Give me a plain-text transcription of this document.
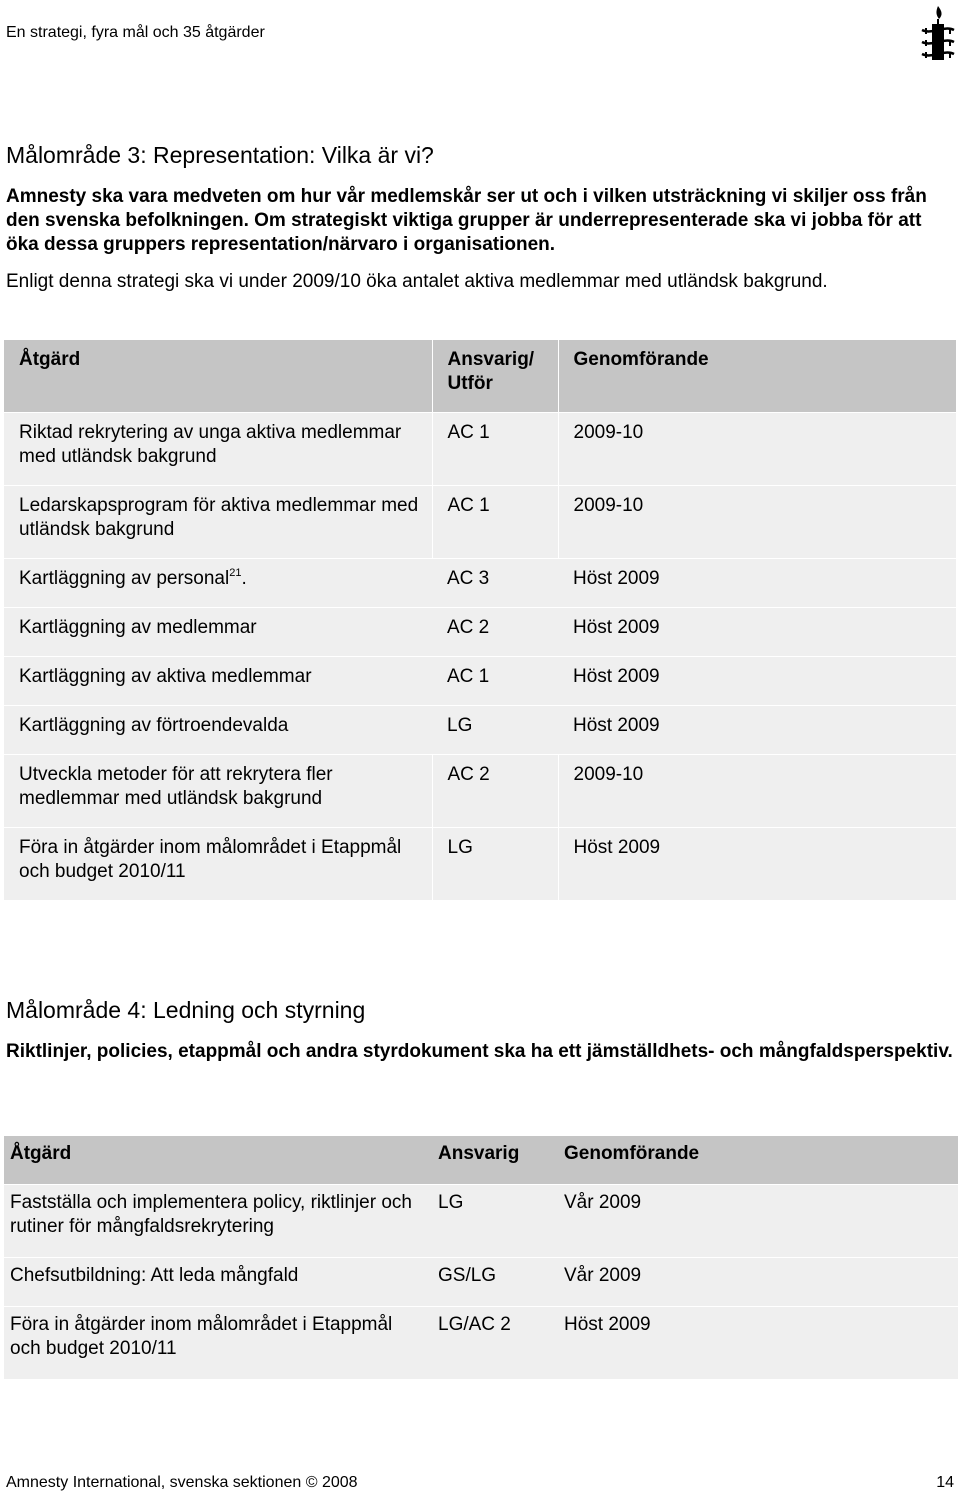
En strategi, fyra mål och 35 åtgärder
Målområde 3: Representation: Vilka är vi?
Amnesty ska vara medveten om hur vår medlemskår ser ut och i vilken utsträckning vi skiljer oss från den svenska befolkningen. Om strategiskt viktiga grupper är underrepresenterade ska vi jobba för att öka dessa gruppers representation/närvaro i organisationen.
Enligt denna strategi ska vi under 2009/10 öka antalet aktiva medlemmar med utländsk bakgrund.
Åtgärd	Ansvarig/ Utför	Genomförande
Riktad rekrytering av unga aktiva medlemmar med utländsk bakgrund	AC 1	2009-10
Ledarskapsprogram för aktiva medlemmar med utländsk bakgrund	AC 1	2009-10
Kartläggning av personal$^{21}$.	AC 3	Höst 2009
Kartläggning av medlemmar	AC 2	Höst 2009
Kartläggning av aktiva medlemmar	AC 1	Höst 2009
Kartläggning av förtroendevalda	LG	Höst 2009
Utveckla metoder för att rekrytera fler medlemmar med utländsk bakgrund	AC 2	2009-10
Föra in åtgärder inom målområdet i Etappmål och budget 2010/11	LG	Höst 2009
Målområde 4: Ledning och styrning
Riktlinjer, policies, etappmål och andra styrdokument ska ha ett jämställdhets- och mångfaldsperspektiv.
Åtgärd	Ansvarig	Genomförande
Fastställa och implementera policy, riktlinjer och rutiner för mångfaldsrekrytering	LG	Vår 2009
Chefsutbildning: Att leda mångfald	GS/LG	Vår 2009
Föra in åtgärder inom målområdet i Etappmål och budget 2010/11	LG/AC 2	Höst 2009
Amnesty International, svenska sektionen © 2008	14
